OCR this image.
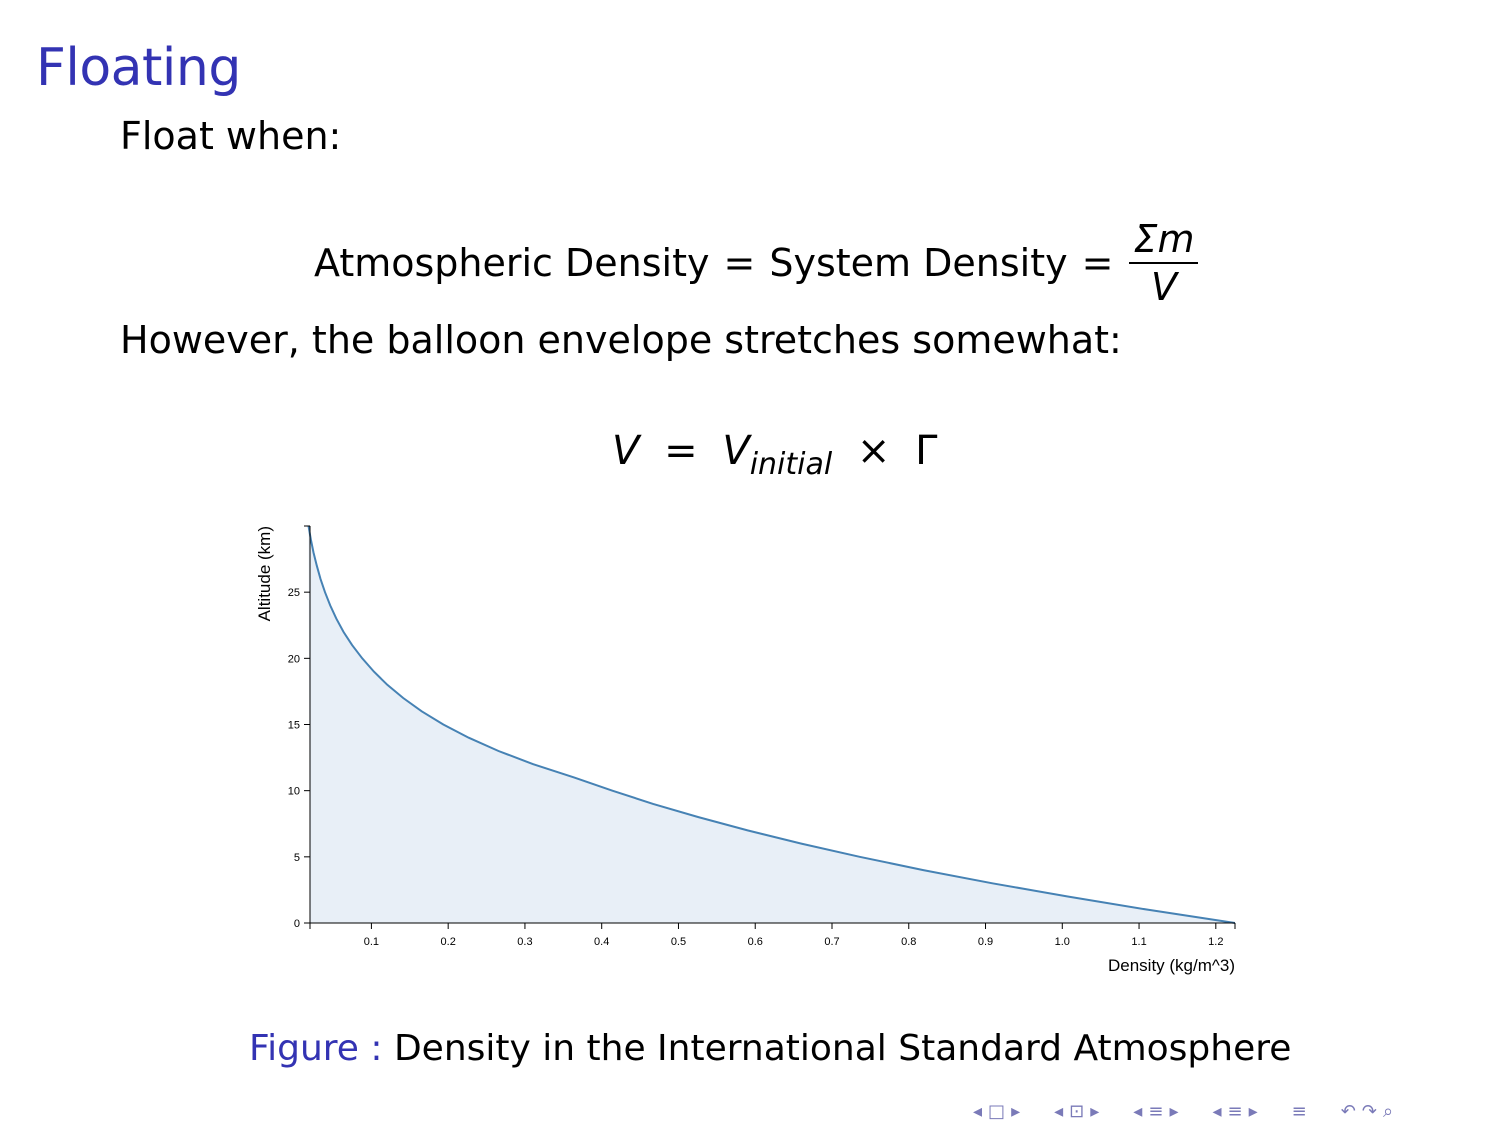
Floating
Float when:
Atmospheric Density = System Density = $\frac{\Sigma m}{V}$
However, the balloon envelope stretches somewhat:
$V = V_{initial} \times \Gamma$
0.1	0.2	0.3	0.4	0.5	0.6	0.7	0.8	0.9	1.0	1.1	1.2
0
5
10
15
20
25
Density (kg/m^3)
Altitude (km)
Figure : Density in the International Standard Atmosphere
◂ □ ▸ ◂ ⊡ ▸ ◂ ≡ ▸ ◂ ≡ ▸ ≡ ↶ ↷ ⌕
